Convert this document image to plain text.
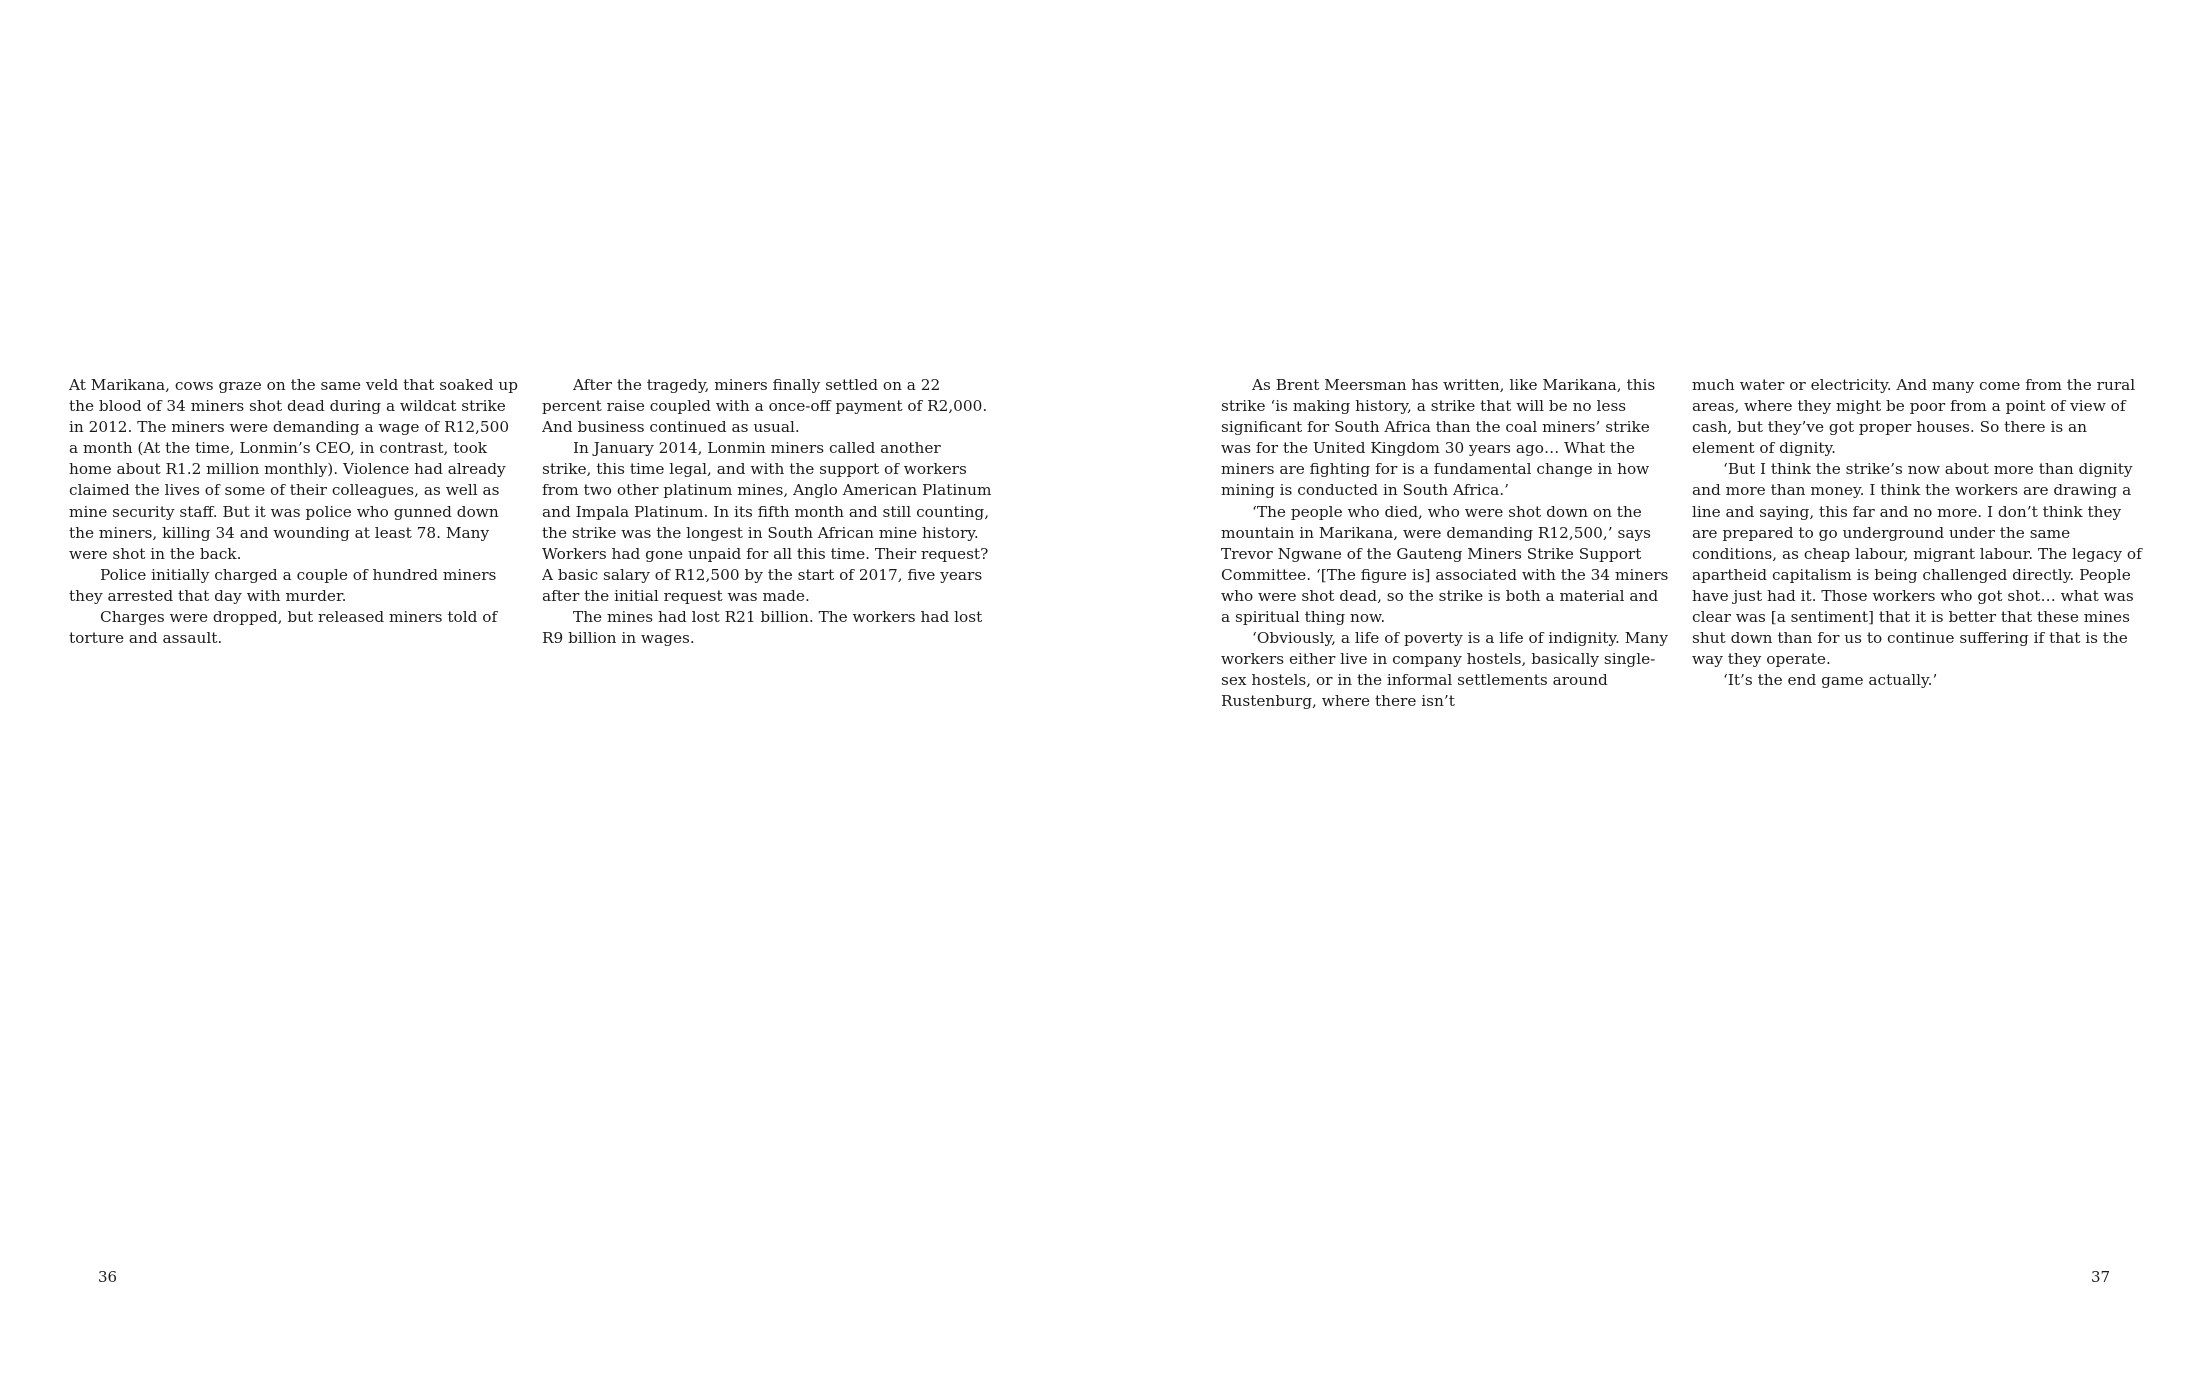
At Marikana, cows graze on the same veld that soaked up the blood of 34 miners shot dead during a wildcat strike in 2012. The miners were demanding a wage of R12,500 a month (At the time, Lonmin’s CEO, in contrast, took home about R1.2 million monthly). Violence had already claimed the lives of some of their colleagues, as well as mine security staff. But it was police who gunned down the miners, killing 34 and wounding at least 78. Many were shot in the back.

Police initially charged a couple of hundred miners they arrested that day with murder.

Charges were dropped, but released miners told of torture and assault.

After the tragedy, miners finally settled on a 22 percent raise coupled with a once-off payment of R2,000. And business continued as usual.

In January 2014, Lonmin miners called another strike, this time legal, and with the support of workers from two other platinum mines, Anglo American Platinum and Impala Platinum. In its fifth month and still counting, the strike was the longest in South African mine history. Workers had gone unpaid for all this time. Their request? A basic salary of R12,500 by the start of 2017, five years after the initial request was made.

The mines had lost R21 billion. The workers had lost R9 billion in wages.

36

As Brent Meersman has written, like Marikana, this strike ‘is making history, a strike that will be no less significant for South Africa than the coal miners’ strike was for the United Kingdom 30 years ago… What the miners are fighting for is a fundamental change in how mining is conducted in South Africa.’

‘The people who died, who were shot down on the mountain in Marikana, were demanding R12,500,’ says Trevor Ngwane of the Gauteng Miners Strike Support Committee. ‘[The figure is] associated with the 34 miners who were shot dead, so the strike is both a material and a spiritual thing now.

‘Obviously, a life of poverty is a life of indignity. Many workers either live in company hostels, basically single-sex hostels, or in the informal settlements around Rustenburg, where there isn’t

much water or electricity. And many come from the rural areas, where they might be poor from a point of view of cash, but they’ve got proper houses. So there is an element of dignity.

‘But I think the strike’s now about more than dignity and more than money. I think the workers are drawing a line and saying, this far and no more. I don’t think they are prepared to go underground under the same conditions, as cheap labour, migrant labour. The legacy of apartheid capitalism is being challenged directly. People have just had it. Those workers who got shot… what was clear was [a sentiment] that it is better that these mines shut down than for us to continue suffering if that is the way they operate.

‘It’s the end game actually.’

37
